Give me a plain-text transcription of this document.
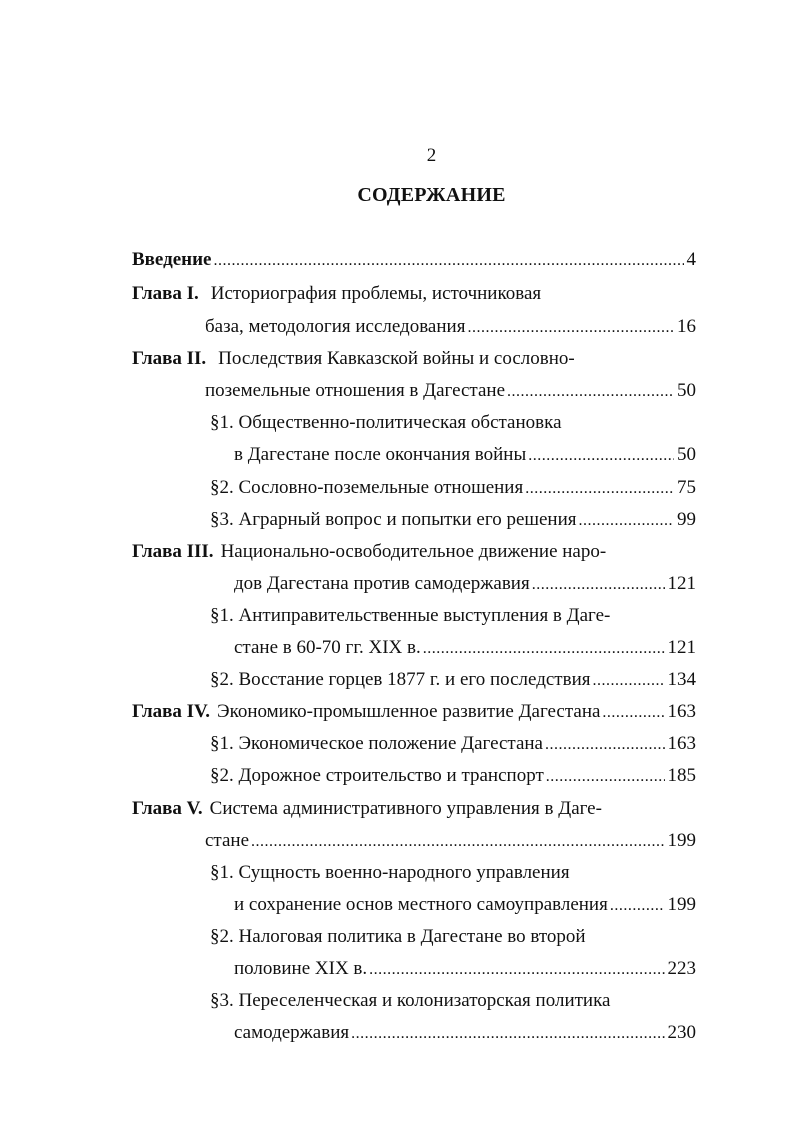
2
СОДЕРЖАНИЕ
Введение .....	4
Глава I. Историография проблемы, источниковая
база, методология исследования .....	16
Глава II. Последствия Кавказской войны и сословно-
поземельные отношения в Дагестане .....	50
§1. Общественно-политическая обстановка
в Дагестане после окончания войны .....	50
§2. Сословно-поземельные отношения .....	75
§3. Аграрный вопрос и попытки его решения .....	99
Глава III. Национально-освободительное движение наро-
дов Дагестана против самодержавия .....	121
§1. Антиправительственные выступления в Даге-
стане в 60-70 гг. XIX в. .....	121
§2. Восстание горцев 1877 г. и его последствия .....	134
Глава IV. Экономико-промышленное развитие Дагестана .....	163
§1. Экономическое положение Дагестана .....	163
§2. Дорожное строительство и транспорт .....	185
Глава V. Система административного управления в Даге-
стане .....	199
§1. Сущность военно-народного управления
и сохранение основ местного самоуправления .....	199
§2. Налоговая политика в Дагестане во второй
половине XIX в. .....	223
§3. Переселенческая и колонизаторская политика
самодержавия .....	230
